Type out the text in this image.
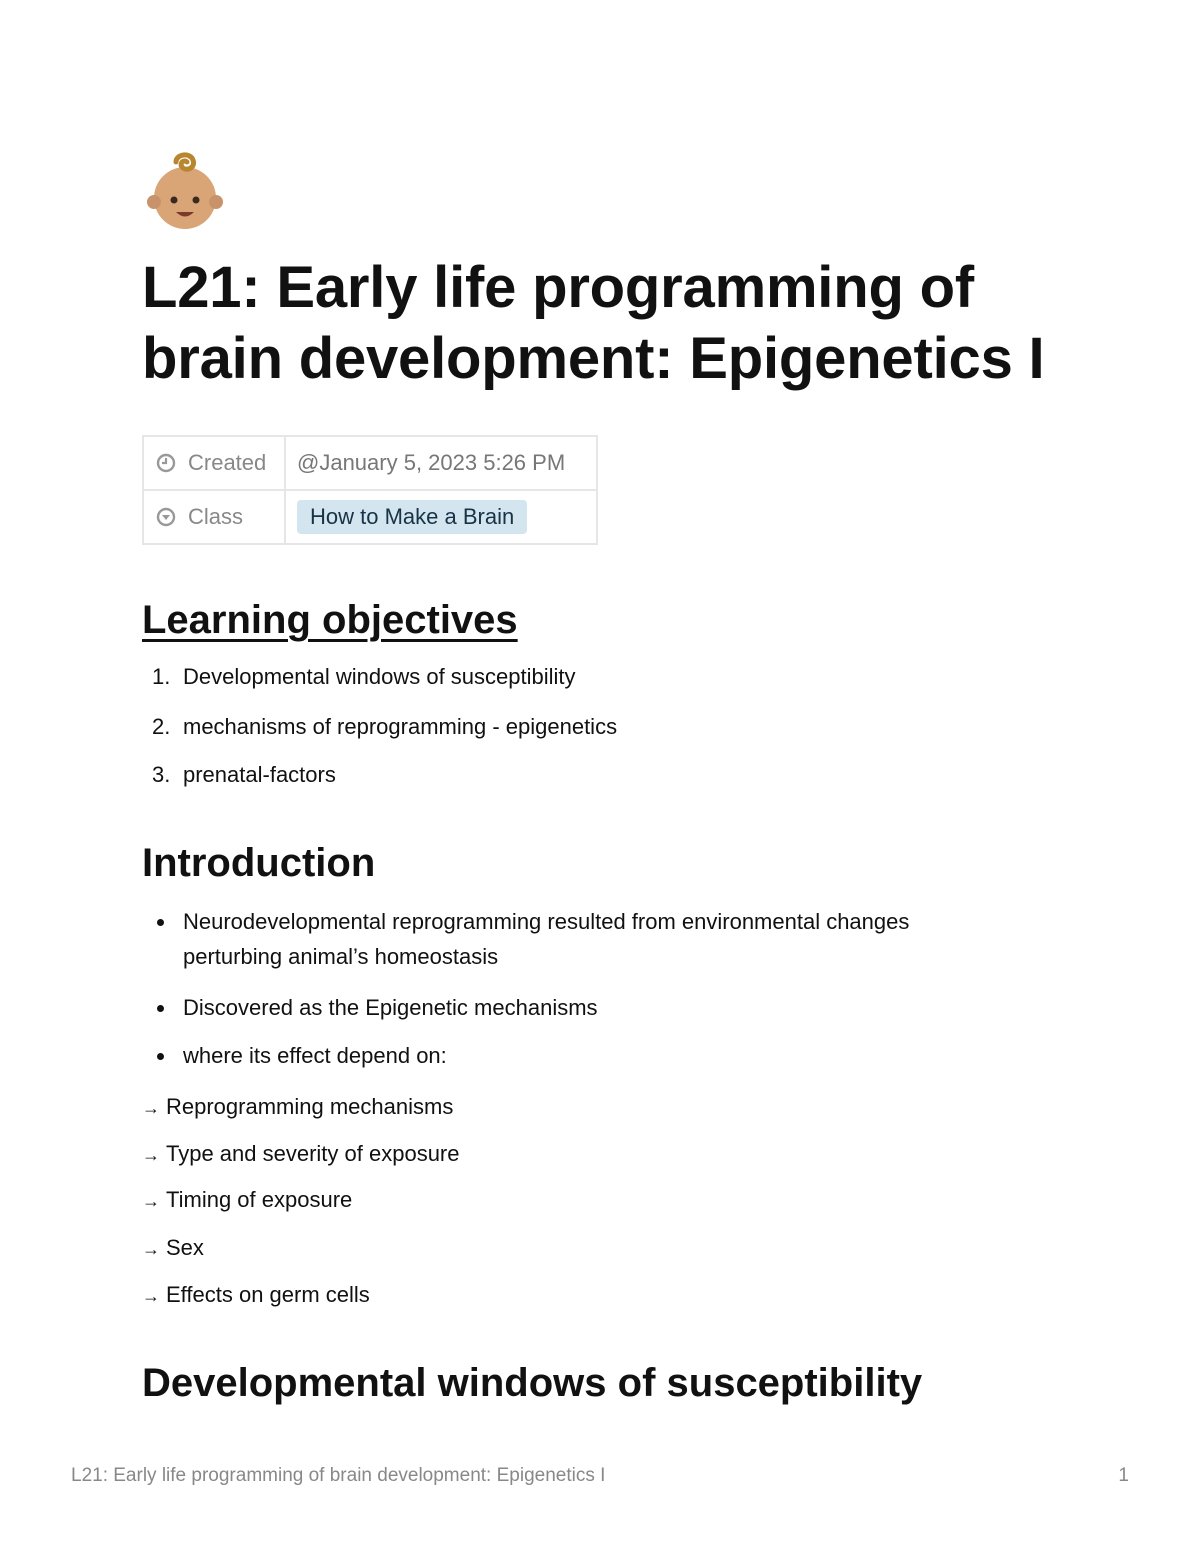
L21: Early life programming of brain development: Epigenetics I
Created	@January 5, 2023 5:26 PM

Class	How to Make a Brain
Learning objectives
1. Developmental windows of susceptibility
2. mechanisms of reprogramming - epigenetics
3. prenatal-factors
Introduction
Neurodevelopmental reprogramming resulted from environmental changes
perturbing animal’s homeostasis
Discovered as the Epigenetic mechanisms
where its effect depend on:
→ Reprogramming mechanisms
→ Type and severity of exposure
→ Timing of exposure
→ Sex
→ Effects on germ cells
Developmental windows of susceptibility
L21: Early life programming of brain development: Epigenetics I	1
